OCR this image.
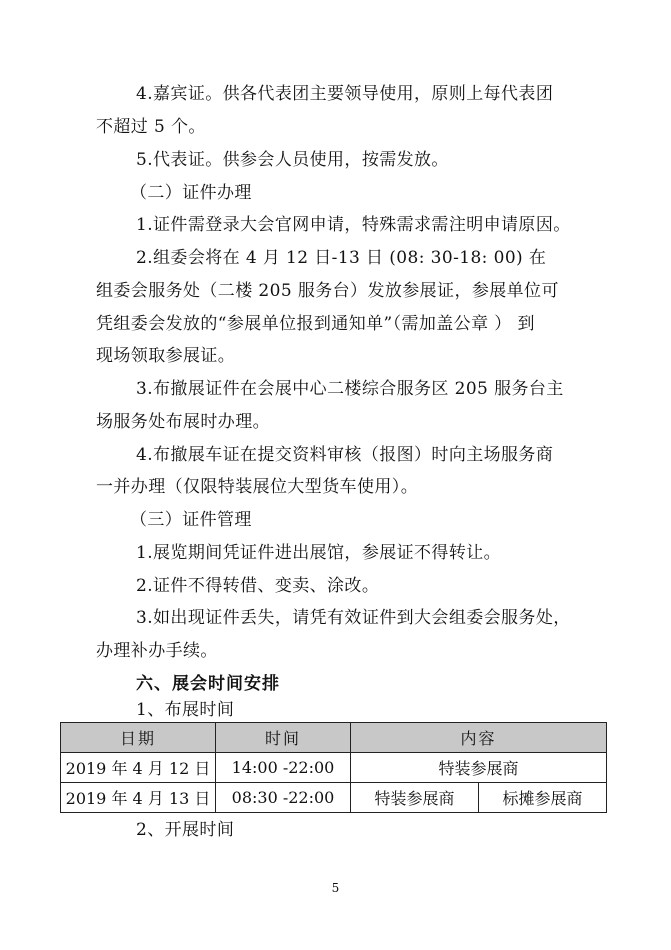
4.嘉宾证。供各代表团主要领导使用，原则上每代表团

不超过 5 个。

5.代表证。供参会人员使用，按需发放。

（二）证件办理

1.证件需登录大会官网申请，特殊需求需注明申请原因。

2.组委会将在 4 月 12 日-13 日 (08: 30-18: 00) 在

组委会服务处（二楼 205 服务台）发放参展证，参展单位可

凭组委会发放的“参展单位报到通知单”（需加盖公章 ） 到

现场领取参展证。

3.布撤展证件在会展中心二楼综合服务区 205 服务台主

场服务处布展时办理。

4.布撤展车证在提交资料审核（报图）时向主场服务商

一并办理（仅限特装展位大型货车使用）。

（三）证件管理

1.展览期间凭证件进出展馆，参展证不得转让。

2.证件不得转借、变卖、涂改。

3.如出现证件丢失，请凭有效证件到大会组委会服务处，

办理补办手续。

六、展会时间安排

1、布展时间

日期	时间	内容	
2019 年 4 月 12 日	14:00 -22:00	特装参展商	
2019 年 4 月 13 日	08:30 -22:00	特装参展商	标摊参展商

2、开展时间

5
